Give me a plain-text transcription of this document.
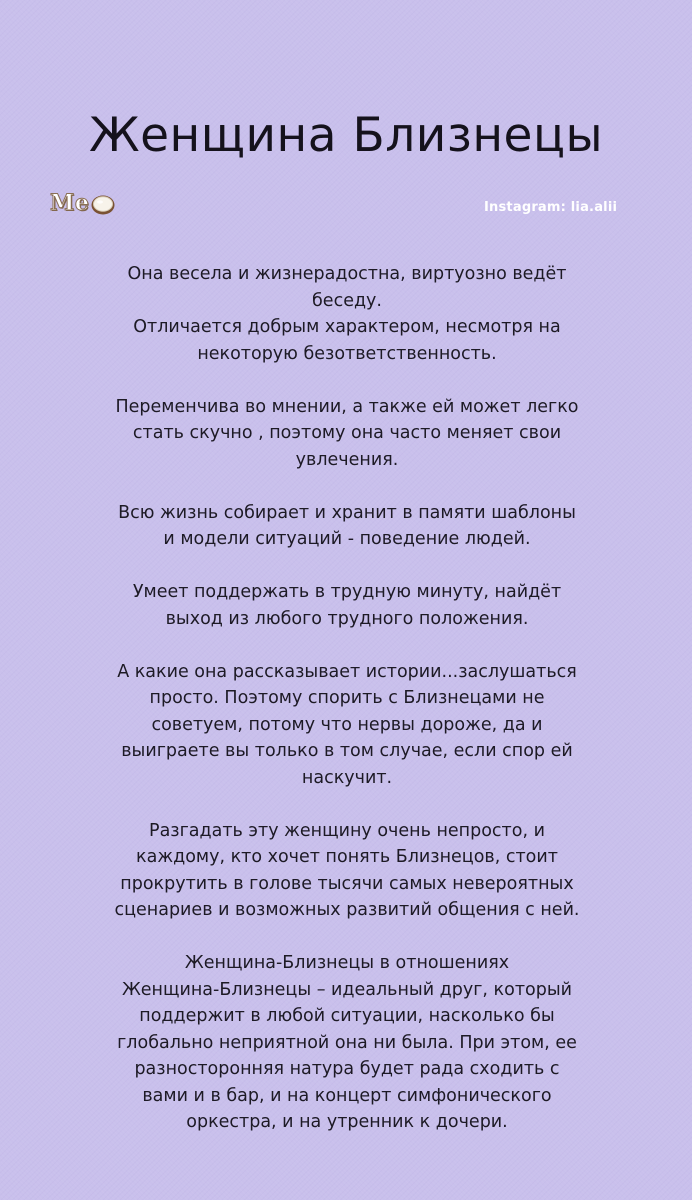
Женщина Близнецы
Me	Instagram: lia.alii

Она весела и жизнерадостна, виртуозно ведёт
беседу.
Отличается добрым характером, несмотря на
некоторую безответственность.

Переменчива во мнении, а также ей может легко
стать скучно , поэтому она часто меняет свои
увлечения.

Всю жизнь собирает и хранит в памяти шаблоны
и модели ситуаций - поведение людей.

Умеет поддержать в трудную минуту, найдёт
выход из любого трудного положения.

А какие она рассказывает истории...заслушаться
просто. Поэтому спорить с Близнецами не
советуем, потому что нервы дороже, да и
выиграете вы только в том случае, если спор ей
наскучит.

Разгадать эту женщину очень непросто, и
каждому, кто хочет понять Близнецов, стоит
прокрутить в голове тысячи самых невероятных
сценариев и возможных развитий общения с ней.

Женщина-Близнецы в отношениях
Женщина-Близнецы – идеальный друг, который
поддержит в любой ситуации, насколько бы
глобально неприятной она ни была. При этом, ее
разносторонняя натура будет рада сходить с
вами и в бар, и на концерт симфонического
оркестра, и на утренник к дочери.
